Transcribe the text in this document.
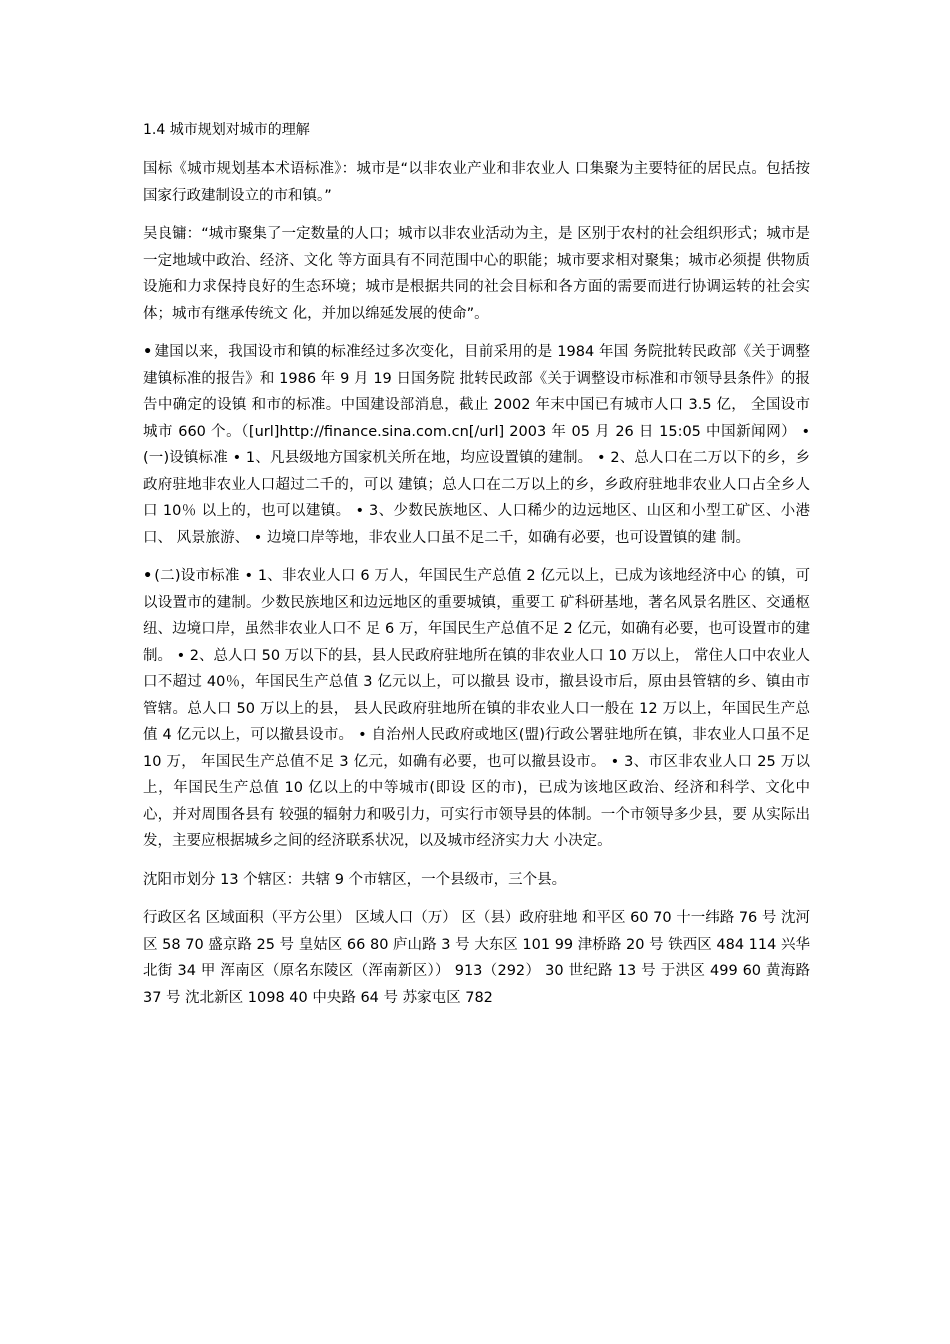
1.4 城市规划对城市的理解

国标《城市规划基本术语标准》：城市是“以非农业产业和非农业人 口集聚为主要特征的居民点。包括按国家行政建制设立的市和镇。”

吴良镛：“城市聚集了一定数量的人口；城市以非农业活动为主，是 区别于农村的社会组织形式；城市是一定地域中政治、经济、文化 等方面具有不同范围中心的职能；城市要求相对聚集；城市必须提 供物质设施和力求保持良好的生态环境；城市是根据共同的社会目标和各方面的需要而进行协调运转的社会实体；城市有继承传统文 化，并加以绵延发展的使命”。

• 建国以来，我国设市和镇的标准经过多次变化，目前采用的是 1984 年国 务院批转民政部《关于调整建镇标准的报告》和 1986 年 9 月 19 日国务院 批转民政部《关于调整设市标准和市领导县条件》的报告中确定的设镇 和市的标准。中国建设部消息，截止 2002 年末中国已有城市人口 3.5 亿， 全国设市城市 660 个。（[url]http://finance.sina.com.cn[/url] 2003 年 05 月 26 日 15:05 中国新闻网） • (一)设镇标准 • 1、凡县级地方国家机关所在地，均应设置镇的建制。 • 2、总人口在二万以下的乡，乡政府驻地非农业人口超过二千的，可以 建镇；总人口在二万以上的乡，乡政府驻地非农业人口占全乡人口 10％ 以上的，也可以建镇。 • 3、少数民族地区、人口稀少的边远地区、山区和小型工矿区、小港口、 风景旅游、 • 边境口岸等地，非农业人口虽不足二千，如确有必要，也可设置镇的建 制。

• (二)设市标准 • 1、非农业人口 6 万人，年国民生产总值 2 亿元以上，已成为该地经济中心 的镇，可以设置市的建制。少数民族地区和边远地区的重要城镇，重要工 矿科研基地，著名风景名胜区、交通枢纽、边境口岸，虽然非农业人口不 足 6 万，年国民生产总值不足 2 亿元，如确有必要，也可设置市的建制。 • 2、总人口 50 万以下的县，县人民政府驻地所在镇的非农业人口 10 万以上， 常住人口中农业人口不超过 40％，年国民生产总值 3 亿元以上，可以撤县 设市，撤县设市后，原由县管辖的乡、镇由市管辖。总人口 50 万以上的县， 县人民政府驻地所在镇的非农业人口一般在 12 万以上，年国民生产总值 4 亿元以上，可以撤县设市。 • 自治州人民政府或地区(盟)行政公署驻地所在镇，非农业人口虽不足 10 万， 年国民生产总值不足 3 亿元，如确有必要，也可以撤县设市。 • 3、市区非农业人口 25 万以上，年国民生产总值 10 亿以上的中等城市(即设 区的市)，已成为该地区政治、经济和科学、文化中心，并对周围各县有 较强的辐射力和吸引力，可实行市领导县的体制。一个市领导多少县，要 从实际出发，主要应根据城乡之间的经济联系状况，以及城市经济实力大 小决定。

沈阳市划分 13 个辖区：共辖 9 个市辖区，一个县级市，三个县。

行政区名 区域面积（平方公里） 区域人口（万） 区（县）政府驻地 和平区 60 70 十一纬路 76 号 沈河区 58 70 盛京路 25 号 皇姑区 66 80 庐山路 3 号 大东区 101 99 津桥路 20 号 铁西区 484 114 兴华北街 34 甲 浑南区（原名东陵区（浑南新区）） 913（292） 30 世纪路 13 号 于洪区 499 60 黄海路 37 号 沈北新区 1098 40 中央路 64 号 苏家屯区 782
